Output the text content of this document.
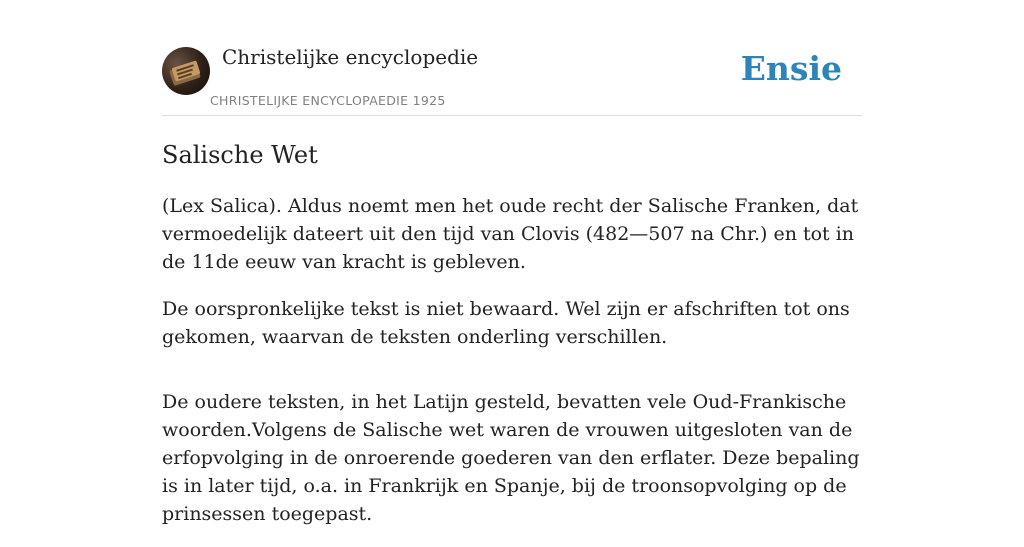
Christelijke encyclopedie
CHRISTELIJKE ENCYCLOPAEDIE 1925
Ensie
Salische Wet

(Lex Salica). Aldus noemt men het oude recht der Salische Franken, dat vermoedelijk dateert uit den tijd van Clovis (482—507 na Chr.) en tot in de 11de eeuw van kracht is gebleven.

De oorspronkelijke tekst is niet bewaard. Wel zijn er afschriften tot ons gekomen, waarvan de teksten onderling verschillen.

De oudere teksten, in het Latijn gesteld, bevatten vele Oud-Frankische woorden.Volgens de Salische wet waren de vrouwen uitgesloten van de erfopvolging in de onroerende goederen van den erflater. Deze bepaling is in later tijd, o.a. in Frankrijk en Spanje, bij de troonsopvolging op de prinsessen toegepast.
